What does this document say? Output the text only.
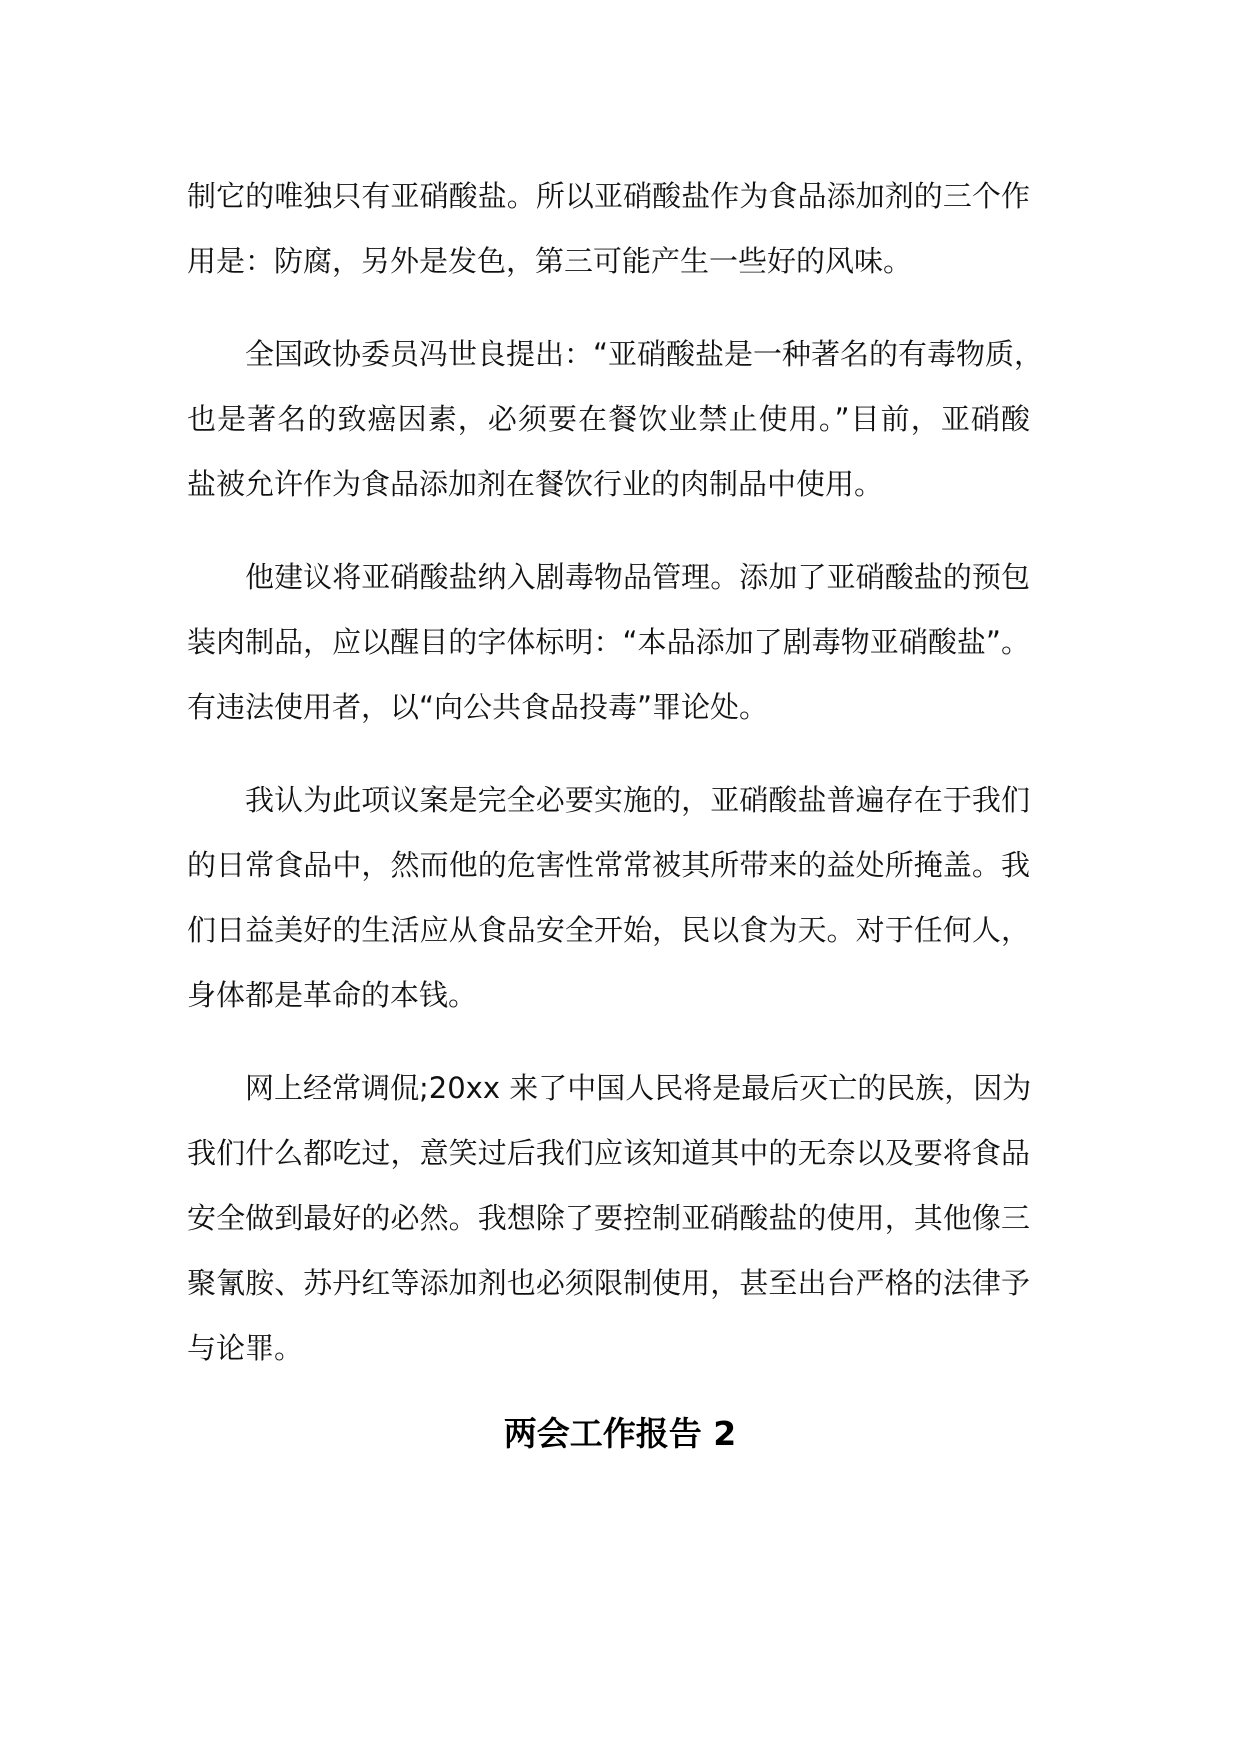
制它的唯独只有亚硝酸盐。所以亚硝酸盐作为食品添加剂的三个作
用是：防腐，另外是发色，第三可能产生一些好的风味。

全国政协委员冯世良提出：“亚硝酸盐是一种著名的有毒物质，
也是著名的致癌因素，必须要在餐饮业禁止使用。”目前，亚硝酸
盐被允许作为食品添加剂在餐饮行业的肉制品中使用。

他建议将亚硝酸盐纳入剧毒物品管理。添加了亚硝酸盐的预包
装肉制品，应以醒目的字体标明：“本品添加了剧毒物亚硝酸盐”。
有违法使用者，以“向公共食品投毒”罪论处。

我认为此项议案是完全必要实施的，亚硝酸盐普遍存在于我们
的日常食品中，然而他的危害性常常被其所带来的益处所掩盖。我
们日益美好的生活应从食品安全开始，民以食为天。对于任何人，
身体都是革命的本钱。

网上经常调侃;20xx 来了中国人民将是最后灭亡的民族，因为
我们什么都吃过，意笑过后我们应该知道其中的无奈以及要将食品
安全做到最好的必然。我想除了要控制亚硝酸盐的使用，其他像三
聚氰胺、苏丹红等添加剂也必须限制使用，甚至出台严格的法律予
与论罪。

两会工作报告 2
